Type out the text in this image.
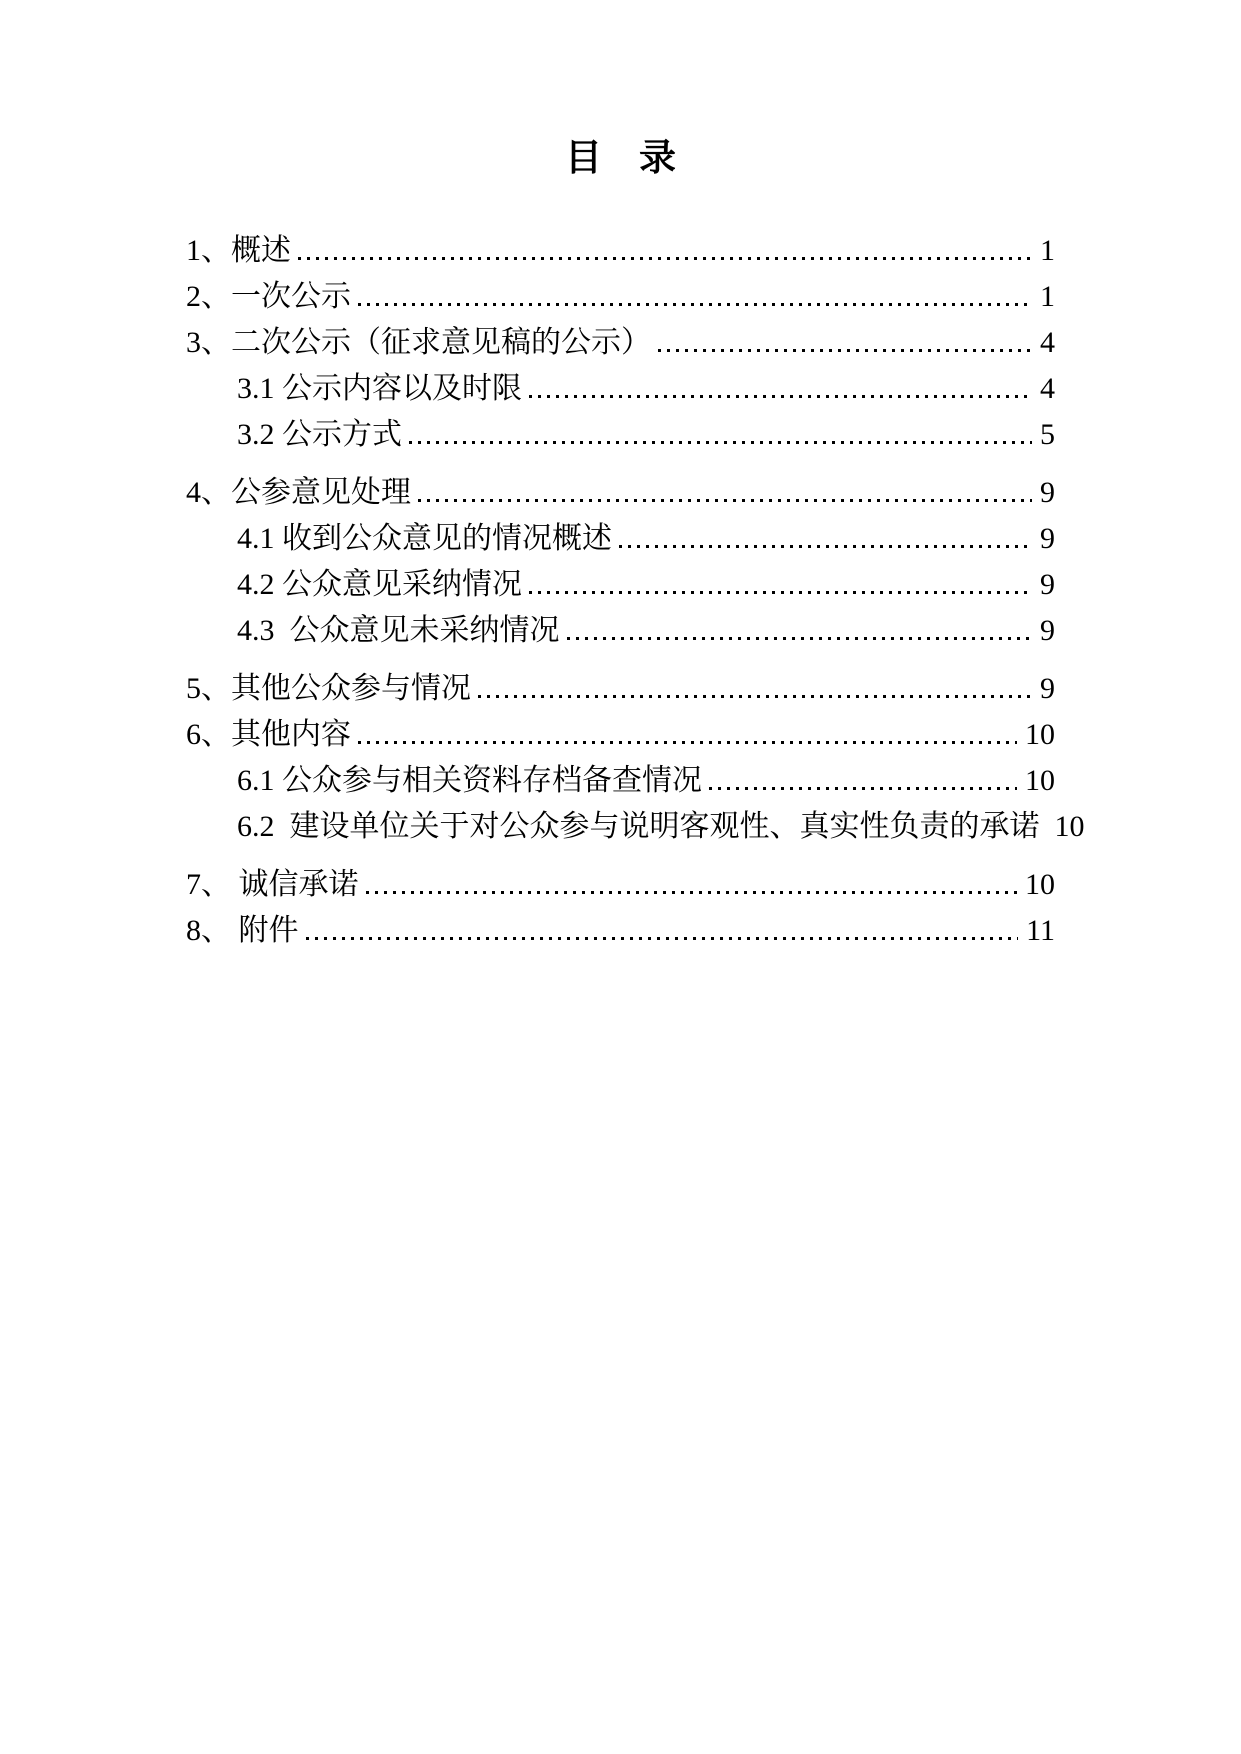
目　录
1、概述	1
2、一次公示	1
3、二次公示（征求意见稿的公示）	4
3.1 公示内容以及时限	4
3.2 公示方式	5
4、公参意见处理	9
4.1 收到公众意见的情况概述	9
4.2 公众意见采纳情况	9
4.3  公众意见未采纳情况	9
5、其他公众参与情况	9
6、其他内容	10
6.1 公众参与相关资料存档备查情况	10
6.2  建设单位关于对公众参与说明客观性、真实性负责的承诺 10
7、 诚信承诺	10
8、 附件	11
